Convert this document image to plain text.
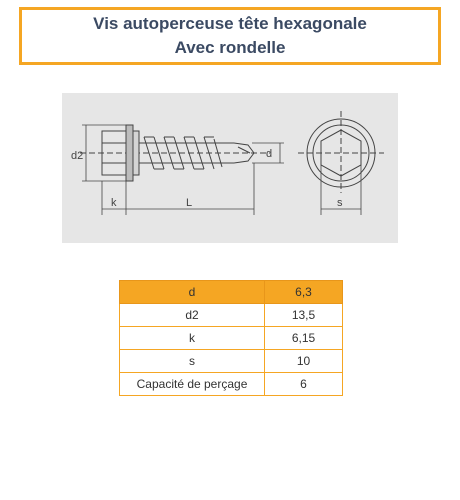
Vis autoperceuse tête hexagonale
Avec rondelle
d2	d
k	L	s
d	6,3
d2	13,5
k	6,15
s	10
Capacité de perçage	6
